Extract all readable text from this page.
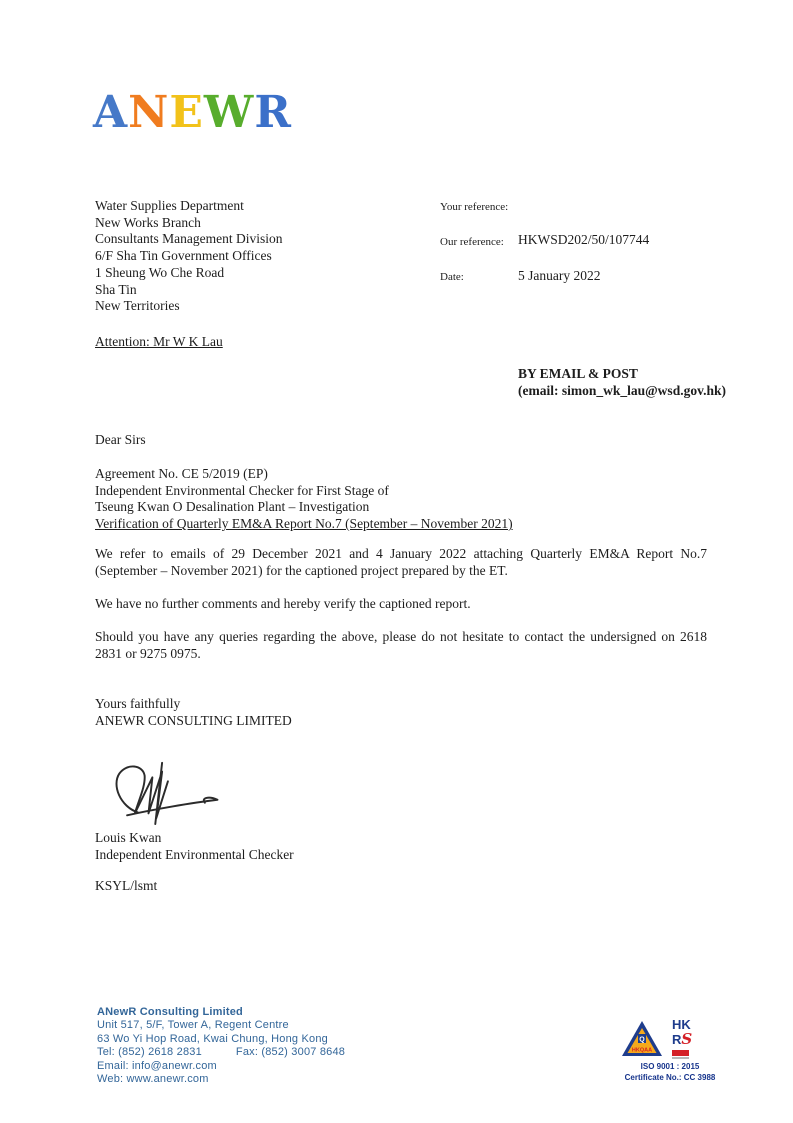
ANEWR
Water Supplies Department
New Works Branch
Consultants Management Division
6/F Sha Tin Government Offices
1 Sheung Wo Che Road
Sha Tin
New Territories
Attention: Mr W K Lau
Your reference:
Our reference: HKWSD202/50/107744
Date:	5 January 2022
BY EMAIL & POST
(email: simon_wk_lau@wsd.gov.hk)
Dear Sirs
Agreement No. CE 5/2019 (EP)
Independent Environmental Checker for First Stage of
Tseung Kwan O Desalination Plant – Investigation
Verification of Quarterly EM&A Report No.7 (September – November 2021)
We refer to emails of 29 December 2021 and 4 January 2022 attaching Quarterly EM&A Report No.7 (September – November 2021) for the captioned project prepared by the ET.
We have no further comments and hereby verify the captioned report.
Should you have any queries regarding the above, please do not hesitate to contact the undersigned on 2618 2831 or 9275 0975.
Yours faithfully
ANEWR CONSULTING LIMITED
Louis Kwan
Independent Environmental Checker
KSYL/lsmt
ANewR Consulting Limited
Unit 517, 5/F, Tower A, Regent Centre
63 Wo Yi Hop Road, Kwai Chung, Hong Kong
Tel: (852) 2618 2831	Fax: (852) 3007 8648
Email: info@anewr.com
Web: www.anewr.com
Q
HKQAA
HK
RS
ISO 9001 : 2015
Certificate No.: CC 3988
